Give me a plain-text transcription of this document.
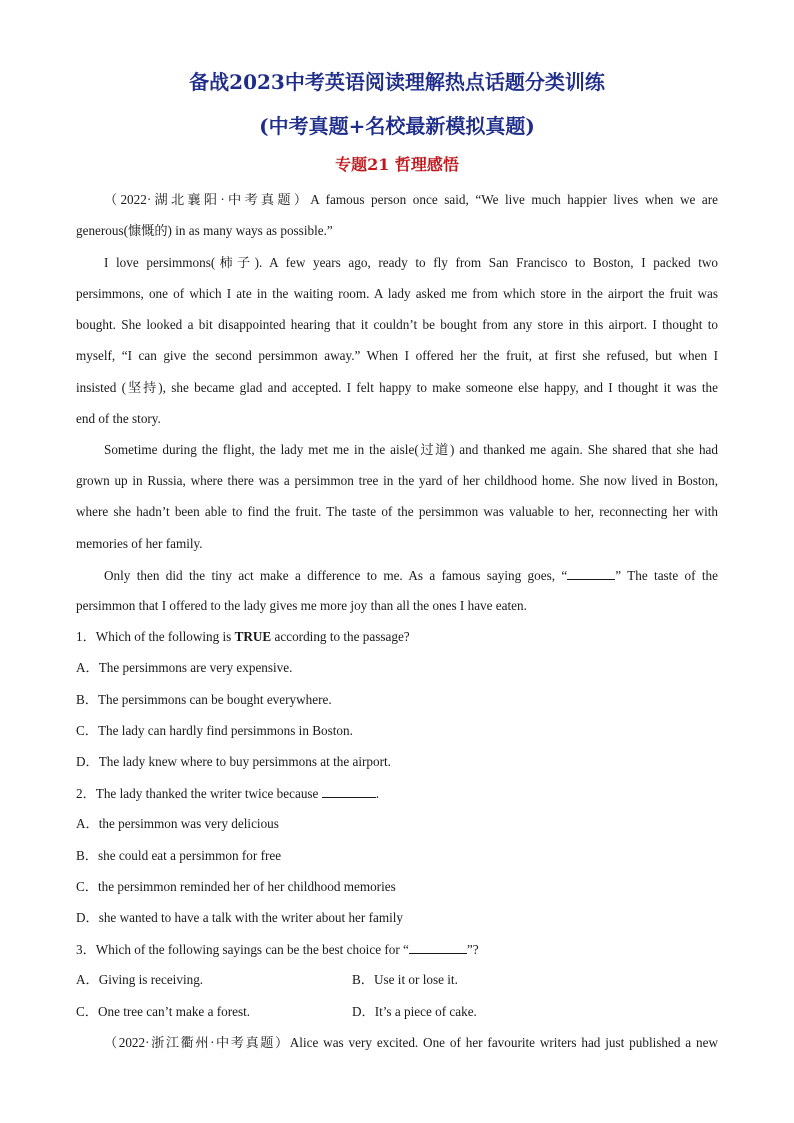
备战2023中考英语阅读理解热点话题分类训练
(中考真题+名校最新模拟真题)
专题21 哲理感悟
（2022·湖北襄阳·中考真题）A famous person once said, “We live much happier lives when we are
generous(慷慨的) in as many ways as possible.”
I love persimmons(柿子). A few years ago, ready to fly from San Francisco to Boston, I packed two
persimmons, one of which I ate in the waiting room. A lady asked me from which store in the airport the fruit was
bought. She looked a bit disappointed hearing that it couldn’t be bought from any store in this airport. I thought to
myself, “I can give the second persimmon away.” When I offered her the fruit, at first she refused, but when I
insisted (坚持), she became glad and accepted. I felt happy to make someone else happy, and I thought it was the
end of the story.
Sometime during the flight, the lady met me in the aisle(过道) and thanked me again. She shared that she had
grown up in Russia, where there was a persimmon tree in the yard of her childhood home. She now lived in Boston,
where she hadn’t been able to find the fruit. The taste of the persimmon was valuable to her, reconnecting her with
memories of her family.
Only then did the tiny act make a difference to me. As a famous saying goes, “	” The taste of the
persimmon that I offered to the lady gives me more joy than all the ones I have eaten.
1．Which of the following is TRUE according to the passage?
A．The persimmons are very expensive.
B．The persimmons can be bought everywhere.
C．The lady can hardly find persimmons in Boston.
D．The lady knew where to buy persimmons at the airport.
2．The lady thanked the writer twice because	.
A．the persimmon was very delicious
B．she could eat a persimmon for free
C．the persimmon reminded her of her childhood memories
D．she wanted to have a talk with the writer about her family
3．Which of the following sayings can be the best choice for “	”?
A．Giving is receiving.	B．Use it or lose it.
C．One tree can’t make a forest.	D．It’s a piece of cake.
（2022·浙江衢州·中考真题）Alice was very excited. One of her favourite writers had just published a new
